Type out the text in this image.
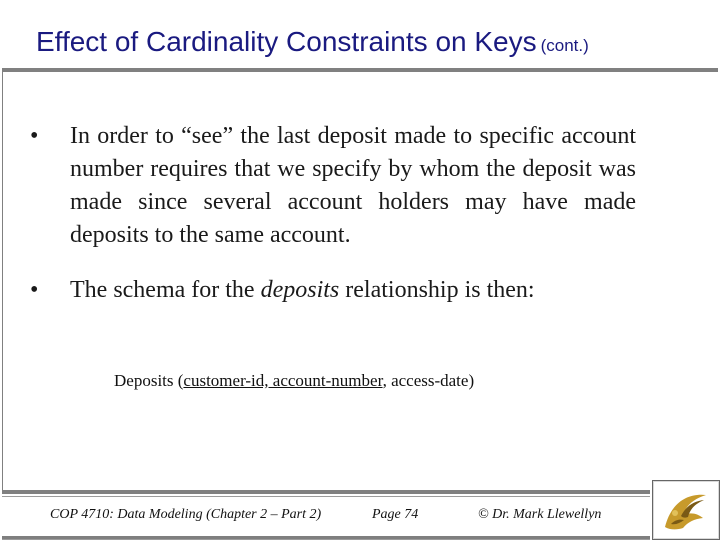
Effect of Cardinality Constraints on Keys (cont.)
•	In order to “see” the last deposit made to specific account number requires that we specify by whom the deposit was made since several account holders may have made deposits to the same account.
•	The schema for the deposits relationship is then:
Deposits (customer-id, account-number, access-date)
COP 4710: Data Modeling (Chapter 2 – Part 2)	Page 74	© Dr. Mark Llewellyn
